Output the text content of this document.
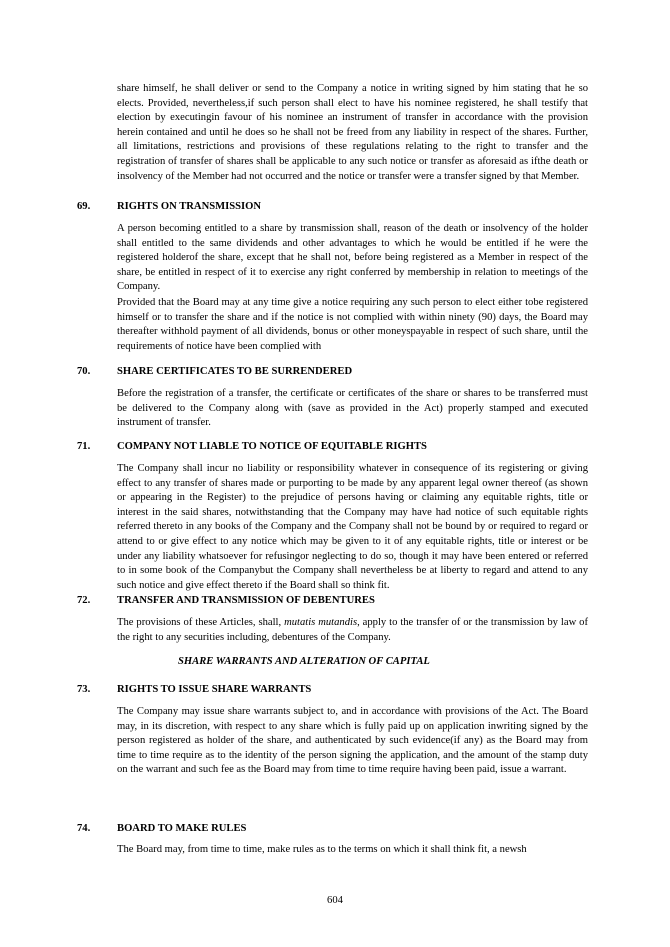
share himself, he shall deliver or send to the Company a notice in writing signed by him stating that he so elects. Provided, nevertheless,if such person shall elect to have his nominee registered, he shall testify that election by executingin favour of his nominee an instrument of transfer in accordance with the provision herein contained and until he does so he shall not be freed from any liability in respect of the shares. Further, all limitations, restrictions and provisions of these regulations relating to the right to transfer and the registration of transfer of shares shall be applicable to any such notice or transfer as aforesaid as ifthe death or insolvency of the Member had not occurred and the notice or transfer were a transfer signed by that Member.

69.	RIGHTS ON TRANSMISSION

A person becoming entitled to a share by transmission shall, reason of the death or insolvency of the holder shall entitled to the same dividends and other advantages to which he would be entitled if he were the registered holderof the share, except that he shall not, before being registered as a Member in respect of the share, be entitled in respect of it to exercise any right conferred by membership in relation to meetings of the Company.

Provided that the Board may at any time give a notice requiring any such person to elect either tobe registered himself or to transfer the share and if the notice is not complied with within ninety (90) days, the Board may thereafter withhold payment of all dividends, bonus or other moneyspayable in respect of such share, until the requirements of notice have been complied with

70.	SHARE CERTIFICATES TO BE SURRENDERED

Before the registration of a transfer, the certificate or certificates of the share or shares to be transferred must be delivered to the Company along with (save as provided in the Act) properly stamped and executed instrument of transfer.

71.	COMPANY NOT LIABLE TO NOTICE OF EQUITABLE RIGHTS

The Company shall incur no liability or responsibility whatever in consequence of its registering or giving effect to any transfer of shares made or purporting to be made by any apparent legal owner thereof (as shown or appearing in the Register) to the prejudice of persons having or claiming any equitable rights, title or interest in the said shares, notwithstanding that the Company may have had notice of such equitable rights referred thereto in any books of the Company and the Company shall not be bound by or required to regard or attend to or give effect to any notice which may be given to it of any equitable rights, title or interest or be under any liability whatsoever for refusingor neglecting to do so, though it may have been entered or referred to in some book of the Companybut the Company shall nevertheless be at liberty to regard and attend to any such notice and give effect thereto if the Board shall so think fit.

72.	TRANSFER AND TRANSMISSION OF DEBENTURES

The provisions of these Articles, shall, mutatis mutandis, apply to the transfer of or the transmission by law of the right to any securities including, debentures of the Company.

SHARE WARRANTS AND ALTERATION OF CAPITAL
73.	RIGHTS TO ISSUE SHARE WARRANTS

The Company may issue share warrants subject to, and in accordance with provisions of the Act. The Board may, in its discretion, with respect to any share which is fully paid up on application inwriting signed by the person registered as holder of the share, and authenticated by such evidence(if any) as the Board may from time to time require as to the identity of the person signing the application, and the amount of the stamp duty on the warrant and such fee as the Board may from time to time require having been paid, issue a warrant.

74.	BOARD TO MAKE RULES

The Board may, from time to time, make rules as to the terms on which it shall think fit, a newsh

604
